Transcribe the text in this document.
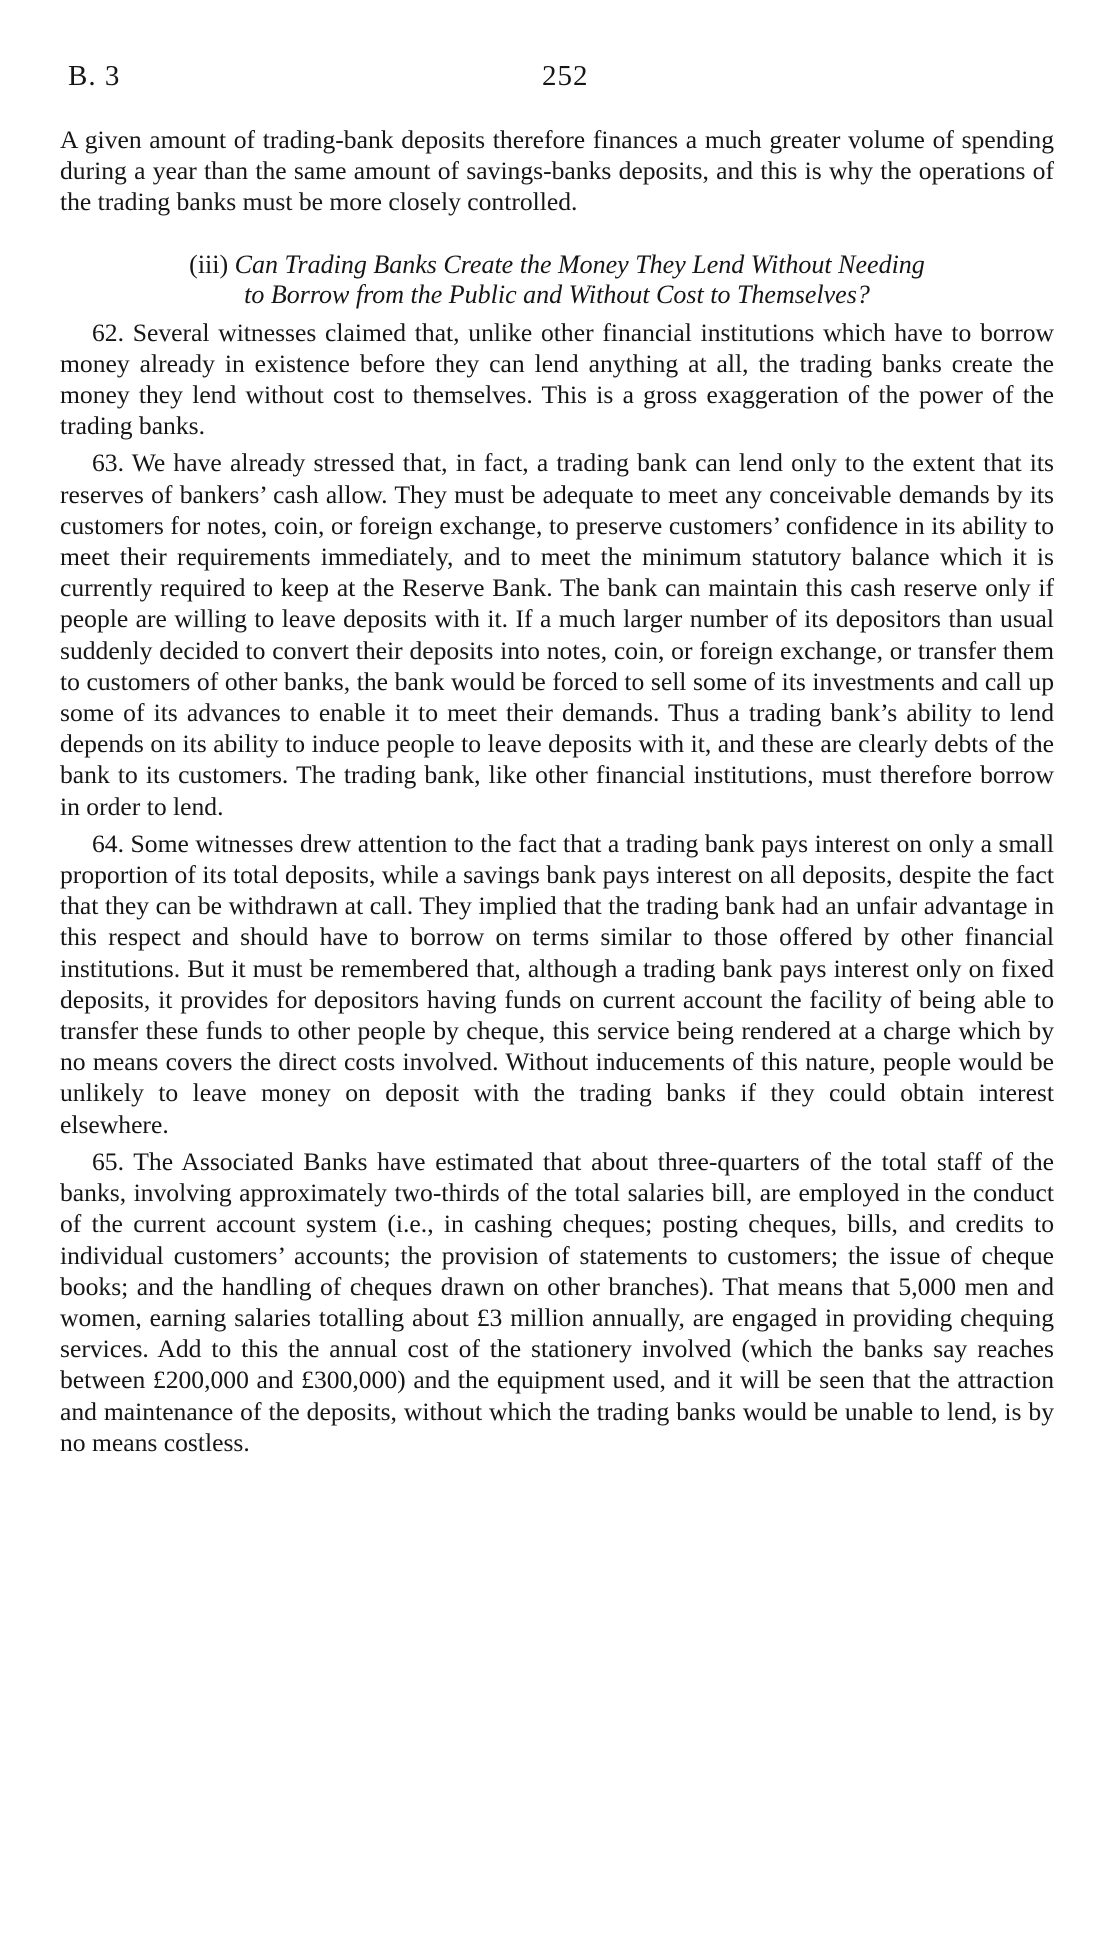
B. 3	252

A given amount of trading-bank deposits therefore finances a much greater volume of spending during a year than the same amount of savings-banks deposits, and this is why the operations of the trading banks must be more closely controlled.

(iii) Can Trading Banks Create the Money They Lend Without Needing
to Borrow from the Public and Without Cost to Themselves?

62. Several witnesses claimed that, unlike other financial institutions which have to borrow money already in existence before they can lend anything at all, the trading banks create the money they lend without cost to themselves. This is a gross exaggeration of the power of the trading banks.

63. We have already stressed that, in fact, a trading bank can lend only to the extent that its reserves of bankers’ cash allow. They must be adequate to meet any conceivable demands by its customers for notes, coin, or foreign exchange, to preserve customers’ confidence in its ability to meet their requirements immediately, and to meet the minimum statutory balance which it is currently required to keep at the Reserve Bank. The bank can maintain this cash reserve only if people are willing to leave deposits with it. If a much larger number of its depositors than usual suddenly decided to convert their deposits into notes, coin, or foreign exchange, or transfer them to customers of other banks, the bank would be forced to sell some of its investments and call up some of its advances to enable it to meet their demands. Thus a trading bank’s ability to lend depends on its ability to induce people to leave deposits with it, and these are clearly debts of the bank to its customers. The trading bank, like other financial institutions, must therefore borrow in order to lend.

64. Some witnesses drew attention to the fact that a trading bank pays interest on only a small proportion of its total deposits, while a savings bank pays interest on all deposits, despite the fact that they can be withdrawn at call. They implied that the trading bank had an unfair advantage in this respect and should have to borrow on terms similar to those offered by other financial institutions. But it must be remembered that, although a trading bank pays interest only on fixed deposits, it provides for depositors having funds on current account the facility of being able to transfer these funds to other people by cheque, this service being rendered at a charge which by no means covers the direct costs involved. Without inducements of this nature, people would be unlikely to leave money on deposit with the trading banks if they could obtain interest elsewhere.

65. The Associated Banks have estimated that about three-quarters of the total staff of the banks, involving approximately two-thirds of the total salaries bill, are employed in the conduct of the current account system (i.e., in cashing cheques; posting cheques, bills, and credits to individual customers’ accounts; the provision of statements to customers; the issue of cheque books; and the handling of cheques drawn on other branches). That means that 5,000 men and women, earning salaries totalling about £3 million annually, are engaged in providing chequing services. Add to this the annual cost of the stationery involved (which the banks say reaches between £200,000 and £300,000) and the equipment used, and it will be seen that the attraction and maintenance of the deposits, without which the trading banks would be unable to lend, is by no means costless.
